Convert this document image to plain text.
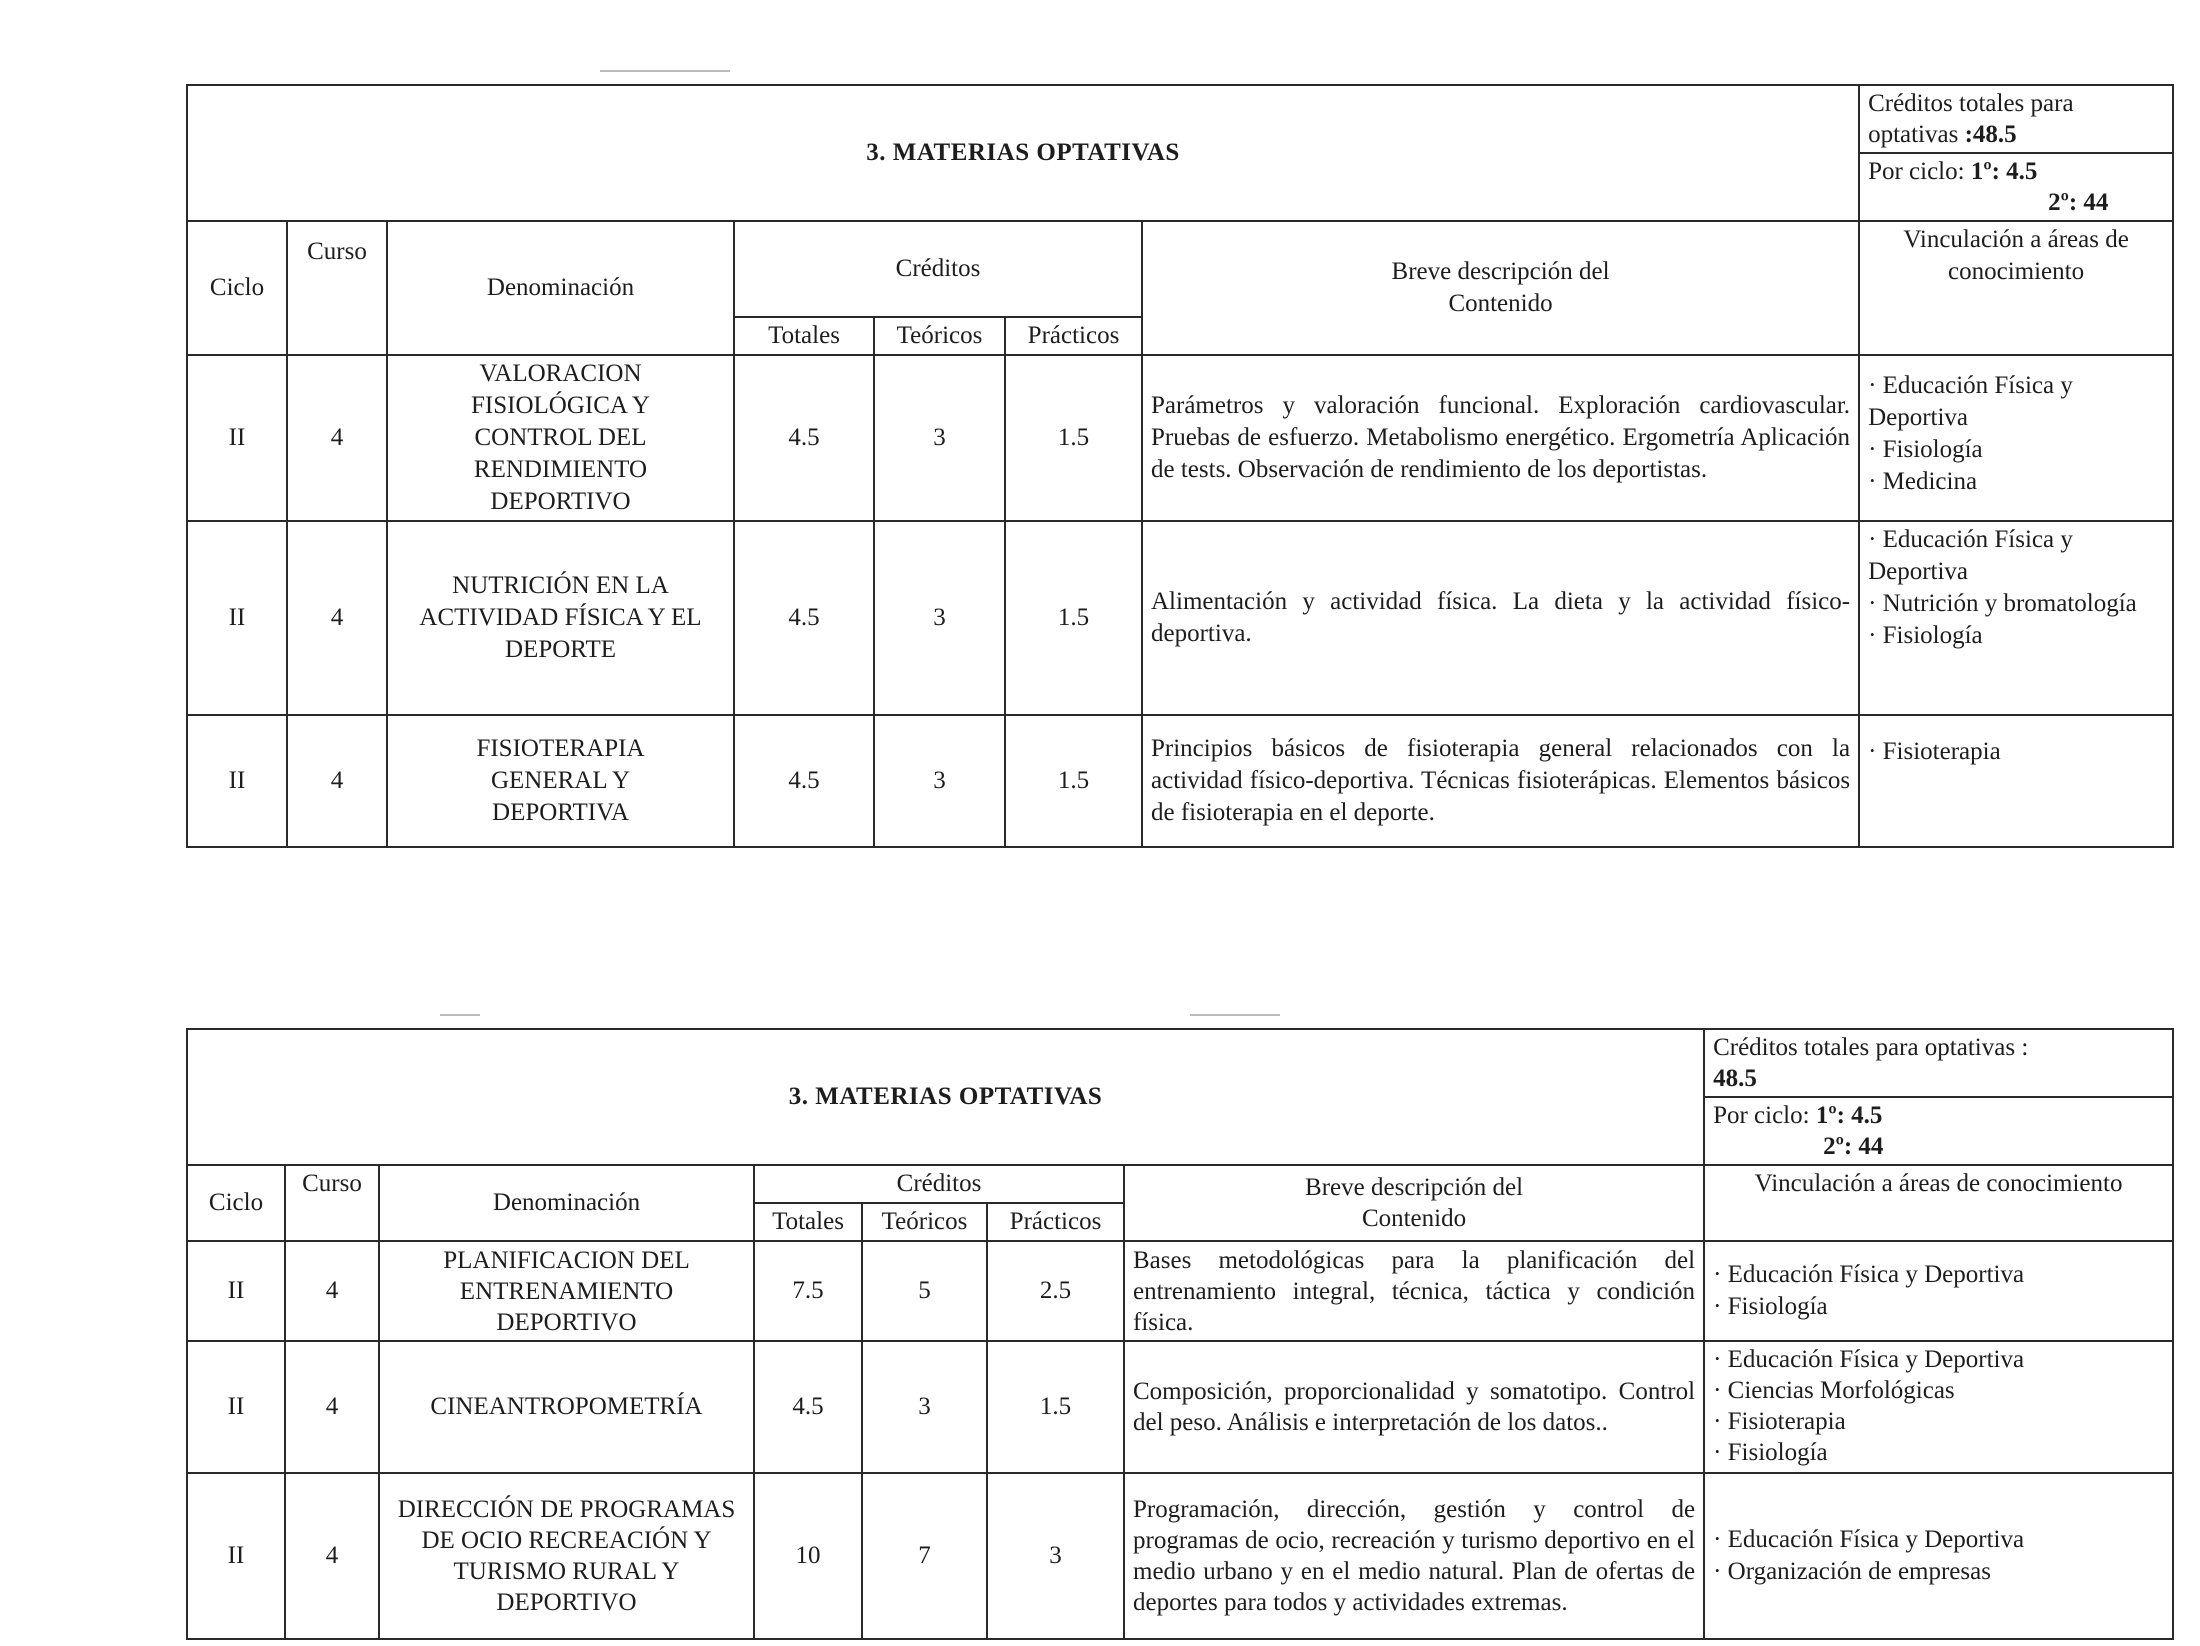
3. MATERIAS OPTATIVAS							Créditos totales para optativas :48.5
							Por ciclo: 1º: 4.5
2º: 44
Ciclo	Curso	Denominación	Créditos			Breve descripción del Contenido	Vinculación a áreas de conocimiento
			Totales	Teóricos	Prácticos		
II	4	VALORACION FISIOLÓGICA Y CONTROL DEL RENDIMIENTO DEPORTIVO	4.5	3	1.5	Parámetros y valoración funcional. Exploración cardiovascular. Pruebas de esfuerzo. Metabolismo energético. Ergometría Aplicación de tests. Observación de rendimiento de los deportistas.	· Educación Física y Deportiva
· Fisiología
· Medicina

II	4	NUTRICIÓN EN LA ACTIVIDAD FÍSICA Y EL DEPORTE	4.5	3	1.5	Alimentación y actividad física. La dieta y la actividad físico-deportiva.	· Educación Física y Deportiva
· Nutrición y bromatología
· Fisiología

II	4	FISIOTERAPIA GENERAL Y DEPORTIVA	4.5	3	1.5	Principios básicos de fisioterapia general relacionados con la actividad físico-deportiva. Técnicas fisioterápicas. Elementos básicos de fisioterapia en el deporte.	· Fisioterapia
3. MATERIAS OPTATIVAS							Créditos totales para optativas :
48.5
							Por ciclo: 1º: 4.5
2º: 44
Ciclo	Curso	Denominación	Créditos			Breve descripción del Contenido	Vinculación a áreas de conocimiento
			Totales	Teóricos	Prácticos		
II	4	PLANIFICACION DEL ENTRENAMIENTO DEPORTIVO	7.5	5	2.5	Bases metodológicas para la planificación del entrenamiento integral, técnica, táctica y condición física.	· Educación Física y Deportiva
· Fisiología

II	4	CINEANTROPOMETRÍA	4.5	3	1.5	Composición, proporcionalidad y somatotipo. Control del peso. Análisis e interpretación de los datos..	· Educación Física y Deportiva
· Ciencias Morfológicas
· Fisioterapia
· Fisiología

II	4	DIRECCIÓN DE PROGRAMAS DE OCIO RECREACIÓN Y TURISMO RURAL Y DEPORTIVO	10	7	3	Programación, dirección, gestión y control de programas de ocio, recreación y turismo deportivo en el medio urbano y en el medio natural. Plan de ofertas de deportes para todos y actividades extremas.	· Educación Física y Deportiva
· Organización de empresas
